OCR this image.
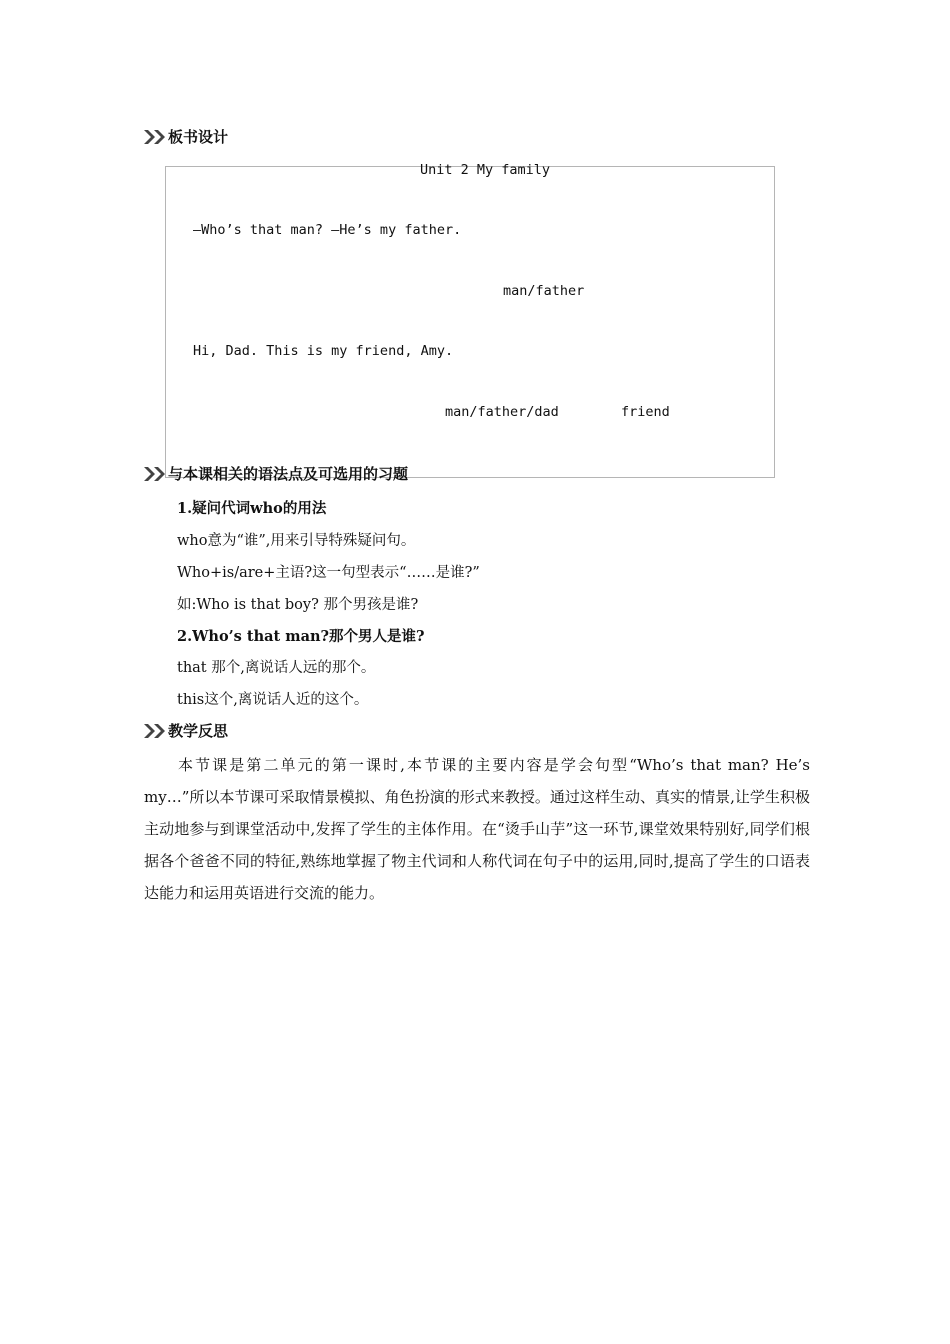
板书设计
Unit 2 My family
—Who’s that man? —He’s my father.
man/father
Hi, Dad. This is my friend, Amy.
man/father/dad	friend
与本课相关的语法点及可选用的习题
1.疑问代词who的用法
who意为“谁”,用来引导特殊疑问句。
Who+is/are+主语?这一句型表示“……是谁?”
如:Who is that boy? 那个男孩是谁?
2.Who’s that man?那个男人是谁?
that 那个,离说话人远的那个。
this这个,离说话人近的这个。
教学反思
本节课是第二单元的第一课时,本节课的主要内容是学会句型“Who’s that man? He’s my…”所以本节课可采取情景模拟、角色扮演的形式来教授。通过这样生动、真实的情景,让学生积极主动地参与到课堂活动中,发挥了学生的主体作用。在“烫手山芋”这一环节,课堂效果特别好,同学们根据各个爸爸不同的特征,熟练地掌握了物主代词和人称代词在句子中的运用,同时,提高了学生的口语表达能力和运用英语进行交流的能力。
